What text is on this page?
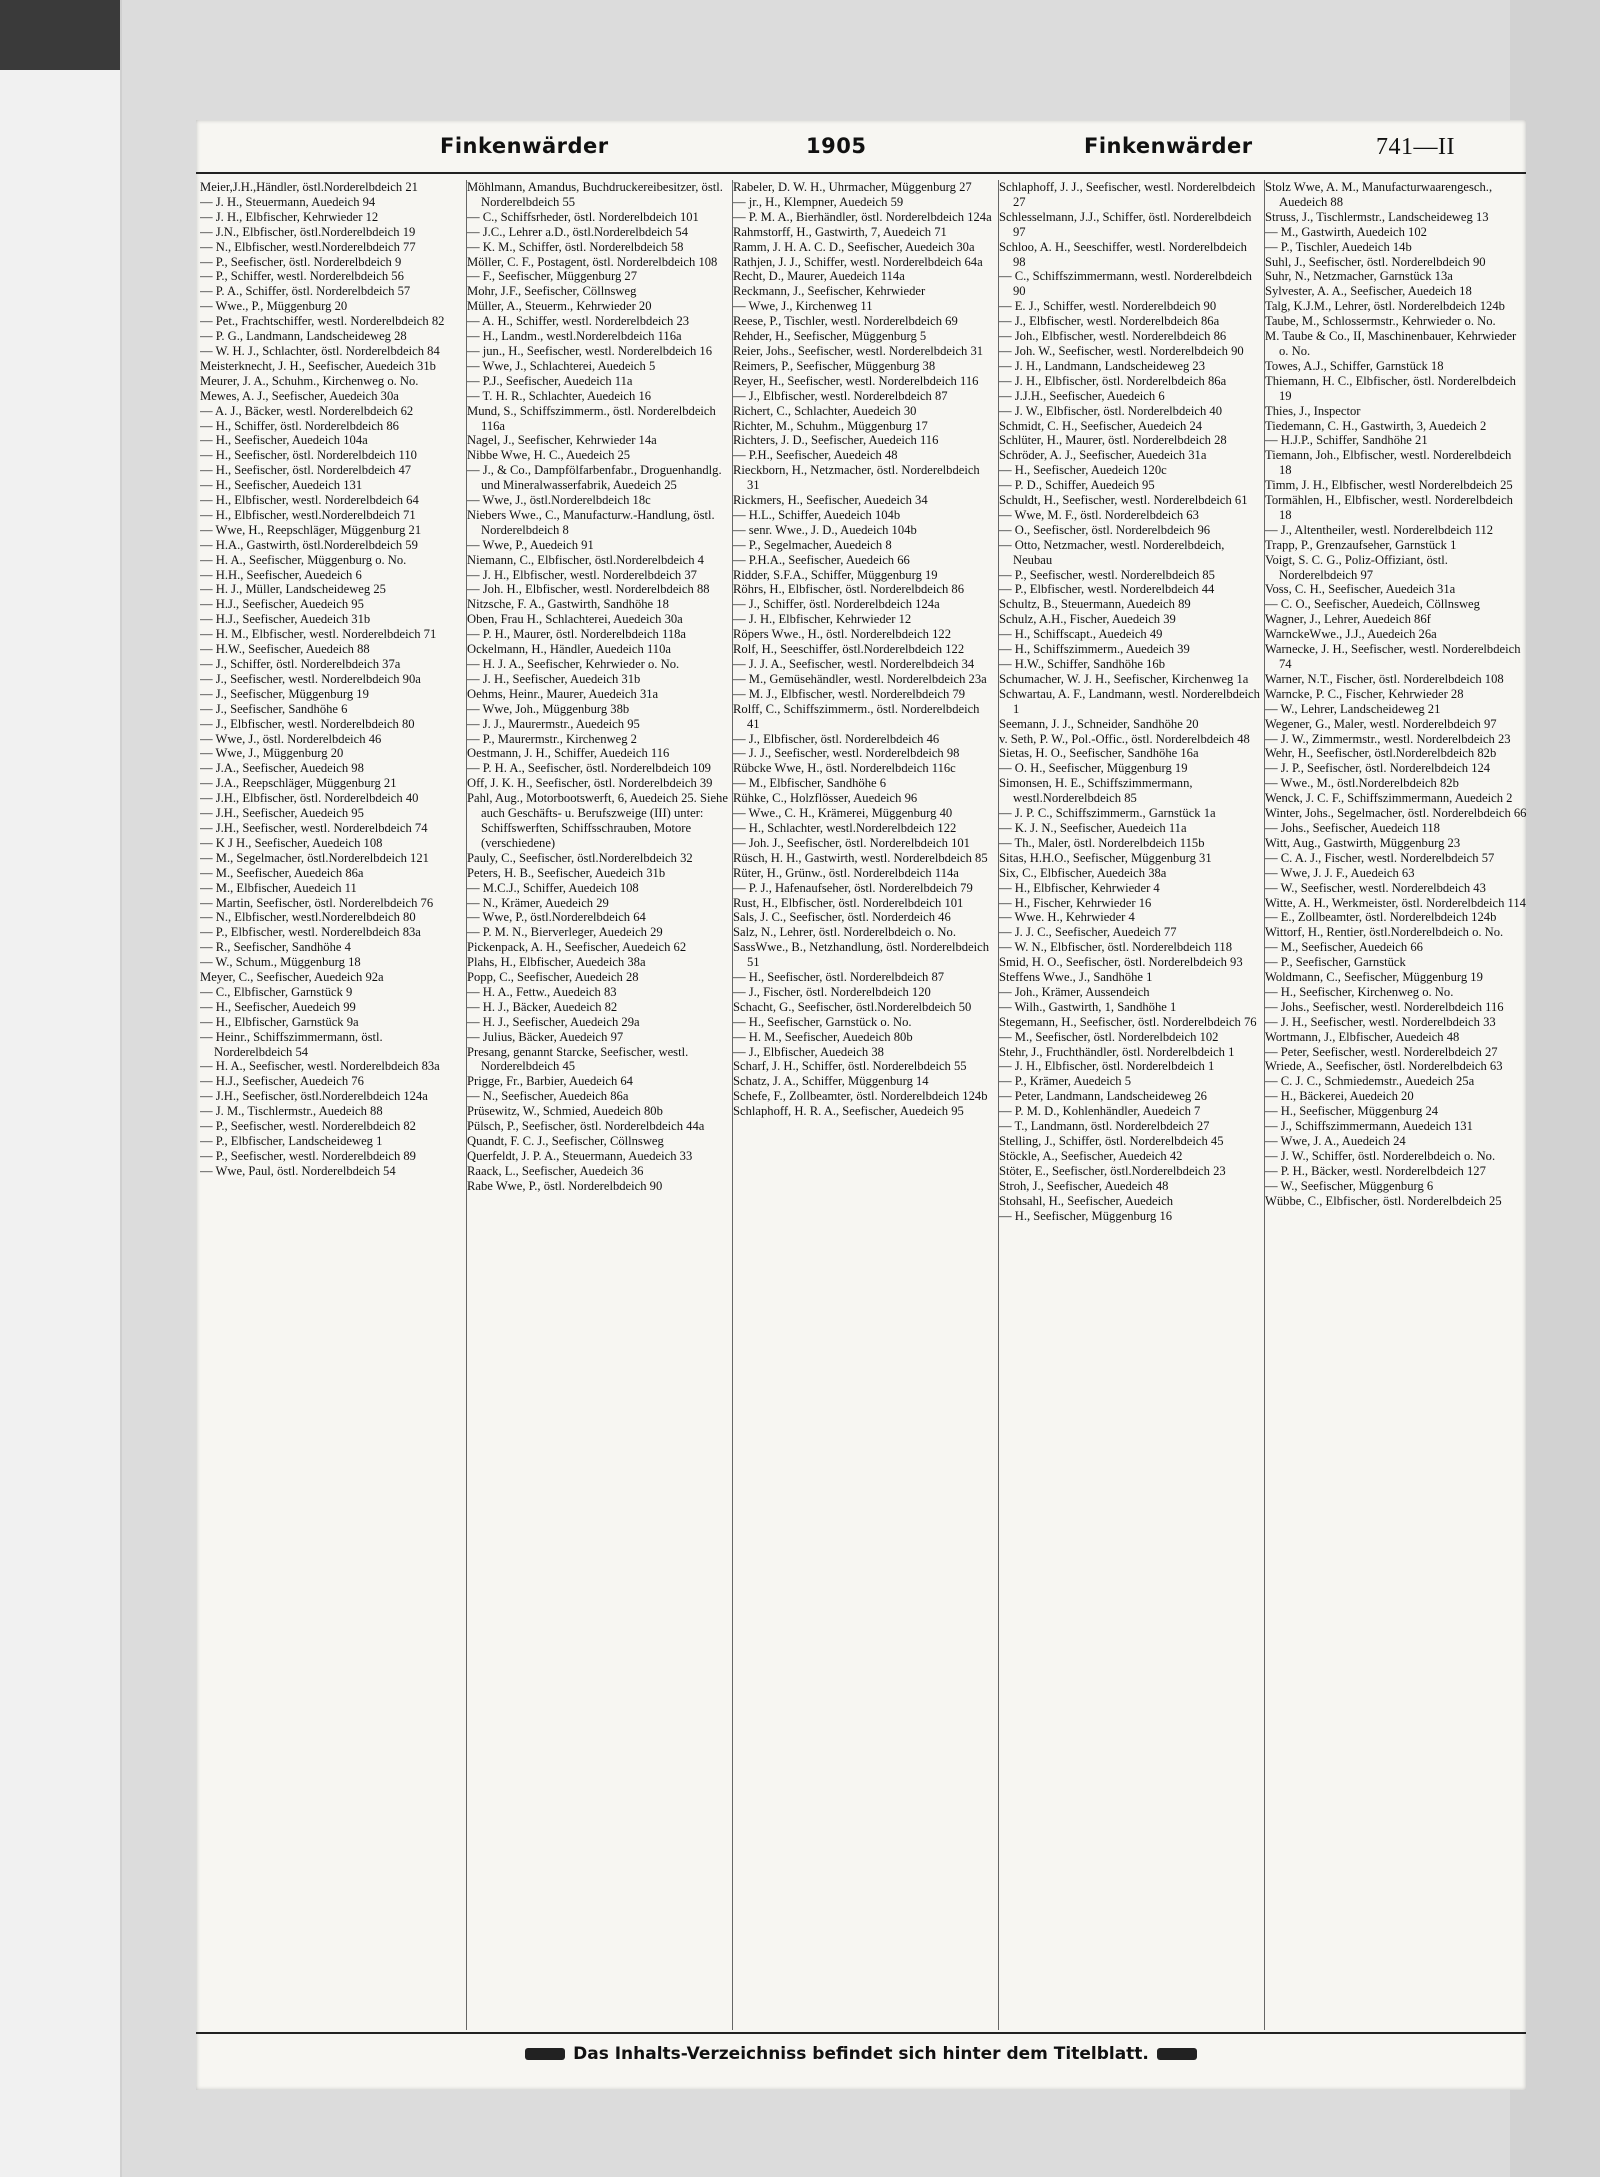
Finkenwärder	1905	Finkenwärder	741—II

Meier,J.H.,Händler, östl.Norderelbdeich 21

— J. H., Steuermann, Auedeich 94

— J. H., Elbfischer, Kehrwieder 12

— J.N., Elbfischer, östl.Norderelbdeich 19

— N., Elbfischer, westl.Norderelbdeich 77

— P., Seefischer, östl. Norderelbdeich 9

— P., Schiffer, westl. Norderelbdeich 56

— P. A., Schiffer, östl. Norderelbdeich 57

— Wwe., P., Müggenburg 20

— Pet., Frachtschiffer, westl. Norderelbdeich 82

— P. G., Landmann, Landscheideweg 28

— W. H. J., Schlachter, östl. Norderelbdeich 84

Meisterknecht, J. H., Seefischer, Auedeich 31b

Meurer, J. A., Schuhm., Kirchenweg o. No.

Mewes, A. J., Seefischer, Auedeich 30a

— A. J., Bäcker, westl. Norderelbdeich 62

— H., Schiffer, östl. Norderelbdeich 86

— H., Seefischer, Auedeich 104a

— H., Seefischer, östl. Norderelbdeich 110

— H., Seefischer, östl. Norderelbdeich 47

— H., Seefischer, Auedeich 131

— H., Elbfischer, westl. Norderelbdeich 64

— H., Elbfischer, westl.Norderelbdeich 71

— Wwe, H., Reepschläger, Müggenburg 21

— H.A., Gastwirth, östl.Norderelbdeich 59

— H. A., Seefischer, Müggenburg o. No.

— H.H., Seefischer, Auedeich 6

— H. J., Müller, Landscheideweg 25

— H.J., Seefischer, Auedeich 95

— H.J., Seefischer, Auedeich 31b

— H. M., Elbfischer, westl. Norderelbdeich 71

— H.W., Seefischer, Auedeich 88

— J., Schiffer, östl. Norderelbdeich 37a

— J., Seefischer, westl. Norderelbdeich 90a

— J., Seefischer, Müggenburg 19

— J., Seefischer, Sandhöhe 6

— J., Elbfischer, westl. Norderelbdeich 80

— Wwe, J., östl. Norderelbdeich 46

— Wwe, J., Müggenburg 20

— J.A., Seefischer, Auedeich 98

— J.A., Reepschläger, Müggenburg 21

— J.H., Elbfischer, östl. Norderelbdeich 40

— J.H., Seefischer, Auedeich 95

— J.H., Seefischer, westl. Norderelbdeich 74

— K J H., Seefischer, Auedeich 108

— M., Segelmacher, östl.Norderelbdeich 121

— M., Seefischer, Auedeich 86a

— M., Elbfischer, Auedeich 11

— Martin, Seefischer, östl. Norderelbdeich 76

— N., Elbfischer, westl.Norderelbdeich 80

— P., Elbfischer, westl. Norderelbdeich 83a

— R., Seefischer, Sandhöhe 4

— W., Schum., Müggenburg 18

Meyer, C., Seefischer, Auedeich 92a

— C., Elbfischer, Garnstück 9

— H., Seefischer, Auedeich 99

— H., Elbfischer, Garnstück 9a

— Heinr., Schiffszimmermann, östl. Norderelbdeich 54

— H. A., Seefischer, westl. Norderelbdeich 83a

— H.J., Seefischer, Auedeich 76

— J.H., Seefischer, östl.Norderelbdeich 124a

— J. M., Tischlermstr., Auedeich 88

— P., Seefischer, westl. Norderelbdeich 82

— P., Elbfischer, Landscheideweg 1

— P., Seefischer, westl. Norderelbdeich 89

— Wwe, Paul, östl. Norderelbdeich 54

Möhlmann, Amandus, Buchdruckereibesitzer, östl. Norderelbdeich 55

— C., Schiffsrheder, östl. Norderelbdeich 101

— J.C., Lehrer a.D., östl.Norderelbdeich 54

— K. M., Schiffer, östl. Norderelbdeich 58

Möller, C. F., Postagent, östl. Norderelbdeich 108

— F., Seefischer, Müggenburg 27

Mohr, J.F., Seefischer, Cöllnsweg

Müller, A., Steuerm., Kehrwieder 20

— A. H., Schiffer, westl. Norderelbdeich 23

— H., Landm., westl.Norderelbdeich 116a

— jun., H., Seefischer, westl. Norderelbdeich 16

— Wwe, J., Schlachterei, Auedeich 5

— P.J., Seefischer, Auedeich 11a

— T. H. R., Schlachter, Auedeich 16

Mund, S., Schiffszimmerm., östl. Norderelbdeich 116a

Nagel, J., Seefischer, Kehrwieder 14a

Nibbe Wwe, H. C., Auedeich 25

— J., & Co., Dampfölfarbenfabr., Droguenhandlg. und Mineralwasserfabrik, Auedeich 25

— Wwe, J., östl.Norderelbdeich 18c

Niebers Wwe., C., Manufacturw.-Handlung, östl. Norderelbdeich 8

— Wwe, P., Auedeich 91

Niemann, C., Elbfischer, östl.Norderelbdeich 4

— J. H., Elbfischer, westl. Norderelbdeich 37

— Joh. H., Elbfischer, westl. Norderelbdeich 88

Nitzsche, F. A., Gastwirth, Sandhöhe 18

Oben, Frau H., Schlachterei, Auedeich 30a

— P. H., Maurer, östl. Norderelbdeich 118a

Ockelmann, H., Händler, Auedeich 110a

— H. J. A., Seefischer, Kehrwieder o. No.

— J. H., Seefischer, Auedeich 31b

Oehms, Heinr., Maurer, Auedeich 31a

— Wwe, Joh., Müggenburg 38b

— J. J., Maurermstr., Auedeich 95

— P., Maurermstr., Kirchenweg 2

Oestmann, J. H., Schiffer, Auedeich 116

— P. H. A., Seefischer, östl. Norderelbdeich 109

Off, J. K. H., Seefischer, östl. Norderelbdeich 39

Pahl, Aug., Motorbootswerft, 6, Auedeich 25. Siehe auch Geschäfts- u. Berufszweige (III) unter: Schiffswerften, Schiffsschrauben, Motore (verschiedene)

Pauly, C., Seefischer, östl.Norderelbdeich 32

Peters, H. B., Seefischer, Auedeich 31b

— M.C.J., Schiffer, Auedeich 108

— N., Krämer, Auedeich 29

— Wwe, P., östl.Norderelbdeich 64

— P. M. N., Bierverleger, Auedeich 29

Pickenpack, A. H., Seefischer, Auedeich 62

Plahs, H., Elbfischer, Auedeich 38a

Popp, C., Seefischer, Auedeich 28

— H. A., Fettw., Auedeich 83

— H. J., Bäcker, Auedeich 82

— H. J., Seefischer, Auedeich 29a

— Julius, Bäcker, Auedeich 97

Presang, genannt Starcke, Seefischer, westl. Norderelbdeich 45

Prigge, Fr., Barbier, Auedeich 64

— N., Seefischer, Auedeich 86a

Prüsewitz, W., Schmied, Auedeich 80b

Pülsch, P., Seefischer, östl. Norderelbdeich 44a

Quandt, F. C. J., Seefischer, Cöllnsweg

Querfeldt, J. P. A., Steuermann, Auedeich 33

Raack, L., Seefischer, Auedeich 36

Rabe Wwe, P., östl. Norderelbdeich 90

Rabeler, D. W. H., Uhrmacher, Müggenburg 27

— jr., H., Klempner, Auedeich 59

— P. M. A., Bierhändler, östl. Norderelbdeich 124a

Rahmstorff, H., Gastwirth, 7, Auedeich 71

Ramm, J. H. A. C. D., Seefischer, Auedeich 30a

Rathjen, J. J., Schiffer, westl. Norderelbdeich 64a

Recht, D., Maurer, Auedeich 114a

Reckmann, J., Seefischer, Kehrwieder

— Wwe, J., Kirchenweg 11

Reese, P., Tischler, westl. Norderelbdeich 69

Rehder, H., Seefischer, Müggenburg 5

Reier, Johs., Seefischer, westl. Norderelbdeich 31

Reimers, P., Seefischer, Müggenburg 38

Reyer, H., Seefischer, westl. Norderelbdeich 116

— J., Elbfischer, westl. Norderelbdeich 87

Richert, C., Schlachter, Auedeich 30

Richter, M., Schuhm., Müggenburg 17

Richters, J. D., Seefischer, Auedeich 116

— P.H., Seefischer, Auedeich 48

Rieckborn, H., Netzmacher, östl. Norderelbdeich 31

Rickmers, H., Seefischer, Auedeich 34

— H.L., Schiffer, Auedeich 104b

— senr. Wwe., J. D., Auedeich 104b

— P., Segelmacher, Auedeich 8

— P.H.A., Seefischer, Auedeich 66

Ridder, S.F.A., Schiffer, Müggenburg 19

Röhrs, H., Elbfischer, östl. Norderelbdeich 86

— J., Schiffer, östl. Norderelbdeich 124a

— J. H., Elbfischer, Kehrwieder 12

Röpers Wwe., H., östl. Norderelbdeich 122

Rolf, H., Seeschiffer, östl.Norderelbdeich 122

— J. J. A., Seefischer, westl. Norderelbdeich 34

— M., Gemüsehändler, westl. Norderelbdeich 23a

— M. J., Elbfischer, westl. Norderelbdeich 79

Rolff, C., Schiffszimmerm., östl. Norderelbdeich 41

— J., Elbfischer, östl. Norderelbdeich 46

— J. J., Seefischer, westl. Norderelbdeich 98

Rübcke Wwe, H., östl. Norderelbdeich 116c

— M., Elbfischer, Sandhöhe 6

Rühke, C., Holzflösser, Auedeich 96

— Wwe., C. H., Krämerei, Müggenburg 40

— H., Schlachter, westl.Norderelbdeich 122

— Joh. J., Seefischer, östl. Norderelbdeich 101

Rüsch, H. H., Gastwirth, westl. Norderelbdeich 85

Rüter, H., Grünw., östl. Norderelbdeich 114a

— P. J., Hafenaufseher, östl. Norderelbdeich 79

Rust, H., Elbfischer, östl. Norderelbdeich 101

Sals, J. C., Seefischer, östl. Norderdeich 46

Salz, N., Lehrer, östl. Norderelbdeich o. No.

SassWwe., B., Netzhandlung, östl. Norderelbdeich 51

— H., Seefischer, östl. Norderelbdeich 87

— J., Fischer, östl. Norderelbdeich 120

Schacht, G., Seefischer, östl.Norderelbdeich 50

— H., Seefischer, Garnstück o. No.

— H. M., Seefischer, Auedeich 80b

— J., Elbfischer, Auedeich 38

Scharf, J. H., Schiffer, östl. Norderelbdeich 55

Schatz, J. A., Schiffer, Müggenburg 14

Schefe, F., Zollbeamter, östl. Norderelbdeich 124b

Schlaphoff, H. R. A., Seefischer, Auedeich 95

Schlaphoff, J. J., Seefischer, westl. Norderelbdeich 27

Schlesselmann, J.J., Schiffer, östl. Norderelbdeich 97

Schloo, A. H., Seeschiffer, westl. Norderelbdeich 98

— C., Schiffszimmermann, westl. Norderelbdeich 90

— E. J., Schiffer, westl. Norderelbdeich 90

— J., Elbfischer, westl. Norderelbdeich 86a

— Joh., Elbfischer, westl. Norderelbdeich 86

— Joh. W., Seefischer, westl. Norderelbdeich 90

— J. H., Landmann, Landscheideweg 23

— J. H., Elbfischer, östl. Norderelbdeich 86a

— J.J.H., Seefischer, Auedeich 6

— J. W., Elbfischer, östl. Norderelbdeich 40

Schmidt, C. H., Seefischer, Auedeich 24

Schlüter, H., Maurer, östl. Norderelbdeich 28

Schröder, A. J., Seefischer, Auedeich 31a

— H., Seefischer, Auedeich 120c

— P. D., Schiffer, Auedeich 95

Schuldt, H., Seefischer, westl. Norderelbdeich 61

— Wwe, M. F., östl. Norderelbdeich 63

— O., Seefischer, östl. Norderelbdeich 96

— Otto, Netzmacher, westl. Norderelbdeich, Neubau

— P., Seefischer, westl. Norderelbdeich 85

— P., Elbfischer, westl. Norderelbdeich 44

Schultz, B., Steuermann, Auedeich 89

Schulz, A.H., Fischer, Auedeich 39

— H., Schiffscapt., Auedeich 49

— H., Schiffszimmerm., Auedeich 39

— H.W., Schiffer, Sandhöhe 16b

Schumacher, W. J. H., Seefischer, Kirchenweg 1a

Schwartau, A. F., Landmann, westl. Norderelbdeich 1

Seemann, J. J., Schneider, Sandhöhe 20

v. Seth, P. W., Pol.-Offic., östl. Norderelbdeich 48

Sietas, H. O., Seefischer, Sandhöhe 16a

— O. H., Seefischer, Müggenburg 19

Simonsen, H. E., Schiffszimmermann, westl.Norderelbdeich 85

— J. P. C., Schiffszimmerm., Garnstück 1a

— K. J. N., Seefischer, Auedeich 11a

— Th., Maler, östl. Norderelbdeich 115b

Sitas, H.H.O., Seefischer, Müggenburg 31

Six, C., Elbfischer, Auedeich 38a

— H., Elbfischer, Kehrwieder 4

— H., Fischer, Kehrwieder 16

— Wwe. H., Kehrwieder 4

— J. J. C., Seefischer, Auedeich 77

— W. N., Elbfischer, östl. Norderelbdeich 118

Smid, H. O., Seefischer, östl. Norderelbdeich 93

Steffens Wwe., J., Sandhöhe 1

— Joh., Krämer, Aussendeich

— Wilh., Gastwirth, 1, Sandhöhe 1

Stegemann, H., Seefischer, östl. Norderelbdeich 76

— M., Seefischer, östl. Norderelbdeich 102

Stehr, J., Fruchthändler, östl. Norderelbdeich 1

— J. H., Elbfischer, östl. Norderelbdeich 1

— P., Krämer, Auedeich 5

— Peter, Landmann, Landscheideweg 26

— P. M. D., Kohlenhändler, Auedeich 7

— T., Landmann, östl. Norderelbdeich 27

Stelling, J., Schiffer, östl. Norderelbdeich 45

Stöckle, A., Seefischer, Auedeich 42

Stöter, E., Seefischer, östl.Norderelbdeich 23

Stroh, J., Seefischer, Auedeich 48

Stohsahl, H., Seefischer, Auedeich

— H., Seefischer, Müggenburg 16

Stolz Wwe, A. M., Manufacturwaarengesch., Auedeich 88

Struss, J., Tischlermstr., Landscheideweg 13

— M., Gastwirth, Auedeich 102

— P., Tischler, Auedeich 14b

Suhl, J., Seefischer, östl. Norderelbdeich 90

Suhr, N., Netzmacher, Garnstück 13a

Sylvester, A. A., Seefischer, Auedeich 18

Talg, K.J.M., Lehrer, östl. Norderelbdeich 124b

Taube, M., Schlossermstr., Kehrwieder o. No.

M. Taube & Co., II, Maschinenbauer, Kehrwieder o. No.

Towes, A.J., Schiffer, Garnstück 18

Thiemann, H. C., Elbfischer, östl. Norderelbdeich 19

Thies, J., Inspector

Tiedemann, C. H., Gastwirth, 3, Auedeich 2

— H.J.P., Schiffer, Sandhöhe 21

Tiemann, Joh., Elbfischer, westl. Norderelbdeich 18

Timm, J. H., Elbfischer, westl Norderelbdeich 25

Tormählen, H., Elbfischer, westl. Norderelbdeich 18

— J., Altenthеiler, westl. Norderelbdeich 112

Trapp, P., Grenzaufseher, Garnstück 1

Voigt, S. C. G., Poliz-Offiziant, östl. Norderelbdeich 97

Voss, C. H., Seefischer, Auedeich 31a

— C. O., Seefischer, Auedeich, Cöllnsweg

Wagner, J., Lehrer, Auedeich 86f

WarnckeWwe., J.J., Auedeich 26a

Warnecke, J. H., Seefischer, westl. Norderelbdeich 74

Warner, N.T., Fischer, östl. Norderelbdeich 108

Warncke, P. C., Fischer, Kehrwieder 28

— W., Lehrer, Landscheideweg 21

Wegener, G., Maler, westl. Norderelbdeich 97

— J. W., Zimmermstr., westl. Norderelbdeich 23

Wehr, H., Seefischer, östl.Norderelbdeich 82b

— J. P., Seefischer, östl. Norderelbdeich 124

— Wwe., M., östl.Norderelbdeich 82b

Wenck, J. C. F., Schiffszimmermann, Auedeich 2

Winter, Johs., Segelmacher, östl. Norderelbdeich 66

— Johs., Seefischer, Auedeich 118

Witt, Aug., Gastwirth, Müggenburg 23

— C. A. J., Fischer, westl. Norderelbdeich 57

— Wwe, J. J. F., Auedeich 63

— W., Seefischer, westl. Norderelbdeich 43

Witte, A. H., Werkmeister, östl. Norderelbdeich 114

— E., Zollbeamter, östl. Norderelbdeich 124b

Wittorf, H., Rentier, östl.Norderelbdeich o. No.

— M., Seefischer, Auedeich 66

— P., Seefischer, Garnstück

Woldmann, C., Seefischer, Müggenburg 19

— H., Seefischer, Kirchenweg o. No.

— Johs., Seefischer, westl. Norderelbdeich 116

— J. H., Seefischer, westl. Norderelbdeich 33

Wortmann, J., Elbfischer, Auedeich 48

— Peter, Seefischer, westl. Norderelbdeich 27

Wriede, A., Seefischer, östl. Norderelbdeich 63

— C. J. C., Schmiedemstr., Auedeich 25a

— H., Bäckerei, Auedeich 20

— H., Seefischer, Müggenburg 24

— J., Schiffszimmermann, Auedeich 131

— Wwe, J. A., Auedeich 24

— J. W., Schiffer, östl. Norderelbdeich o. No.

— P. H., Bäcker, westl. Norderelbdeich 127

— W., Seefischer, Müggenburg 6

Wübbe, C., Elbfischer, östl. Norderelbdeich 25

Das Inhalts-Verzeichniss befindet sich hinter dem Titelblatt.
